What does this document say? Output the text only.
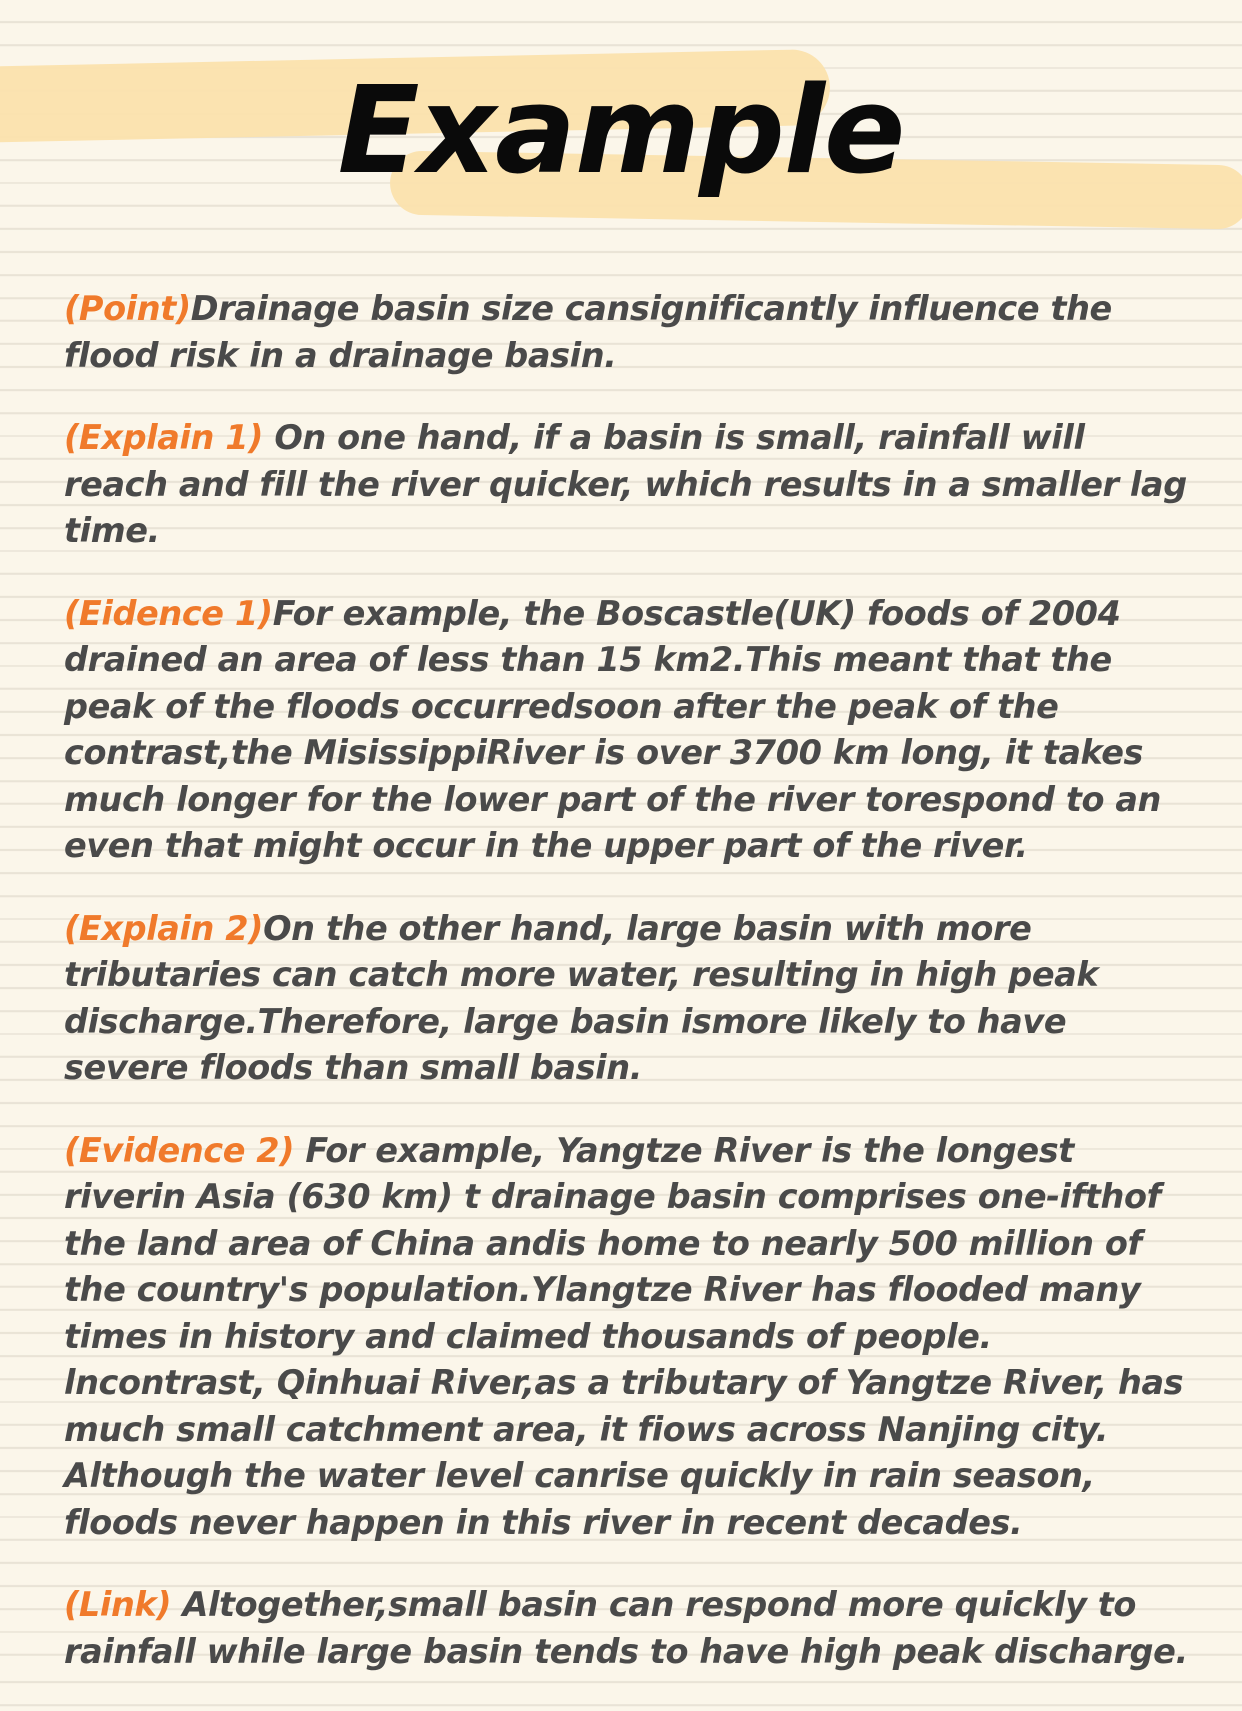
Example

(Point)Drainage basin size cansignificantly influence the flood risk in a drainage basin.

(Explain 1) On one hand, if a basin is small, rainfall will reach and fill the river quicker, which results in a smaller lag time.

(Eidence 1)For example, the Boscastle(UK) foods of 2004 drained an area of less than 15 km2.This meant that the peak of the floods occurredsoon after the peak of the contrast,the MisissippiRiver is over 3700 km long, it takes much longer for the lower part of the river torespond to an even that might occur in the upper part of the river.

(Explain 2)On the other hand, large basin with more tributaries can catch more water, resulting in high peak discharge.Therefore, large basin ismore likely to have severe floods than small basin.

(Evidence 2) For example, Yangtze River is the longest riverin Asia (630 km) t drainage basin comprises one-ifthof the land area of China andis home to nearly 500 million of the country's population.Ylangtze River has flooded many times in history and claimed thousands of people. lncontrast, Qinhuai River,as a tributary of Yangtze River, has much small catchment area, it fiows across Nanjing city. Although the water level canrise quickly in rain season, floods never happen in this river in recent decades.

(Link) Altogether,small basin can respond more quickly to rainfall while large basin tends to have high peak discharge.
